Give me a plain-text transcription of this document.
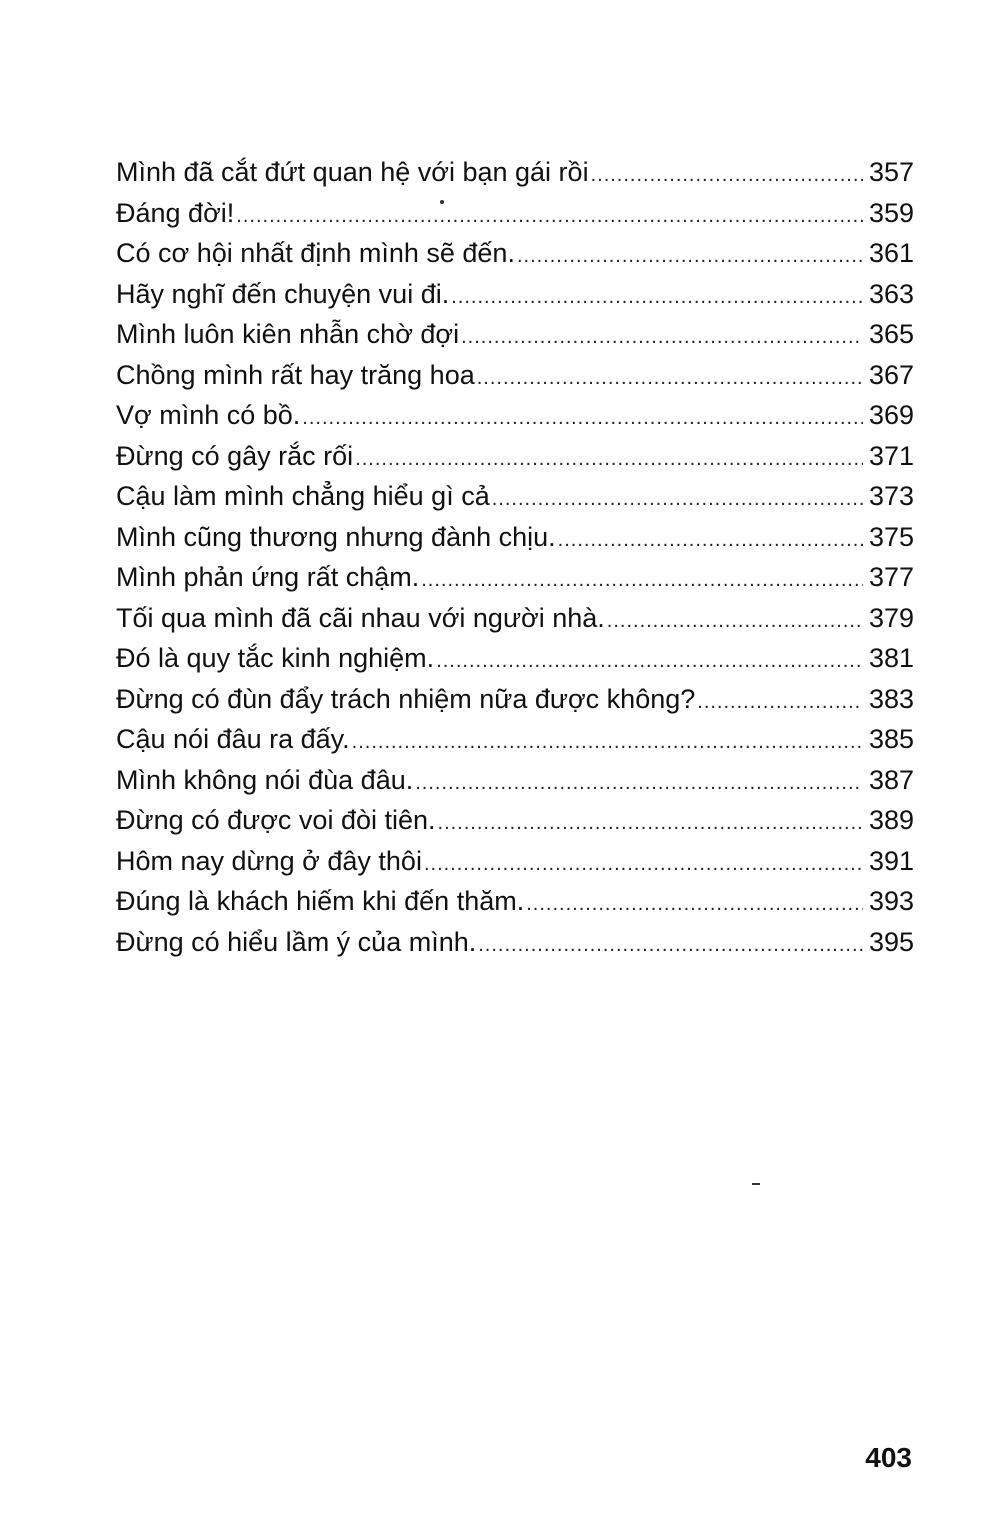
Mình đã cắt đứt quan hệ với bạn gái rồi .....	357
Đáng đời! .....	359
Có cơ hội nhất định mình sẽ đến. .....	361
Hãy nghĩ đến chuyện vui đi. .....	363
Mình luôn kiên nhẫn chờ đợi .....	365
Chồng mình rất hay trăng hoa .....	367
Vợ mình có bồ. .....	369
Đừng có gây rắc rối .....	371
Cậu làm mình chẳng hiểu gì cả .....	373
Mình cũng thương nhưng đành chịu. .....	375
Mình phản ứng rất chậm. .....	377
Tối qua mình đã cãi nhau với người nhà. .....	379
Đó là quy tắc kinh nghiệm. .....	381
Đừng có đùn đẩy trách nhiệm nữa được không? .....	383
Cậu nói đâu ra đấy. .....	385
Mình không nói đùa đâu. .....	387
Đừng có được voi đòi tiên. .....	389
Hôm nay dừng ở đây thôi .....	391
Đúng là khách hiếm khi đến thăm. .....	393
Đừng có hiểu lầm ý của mình. .....	395
403
